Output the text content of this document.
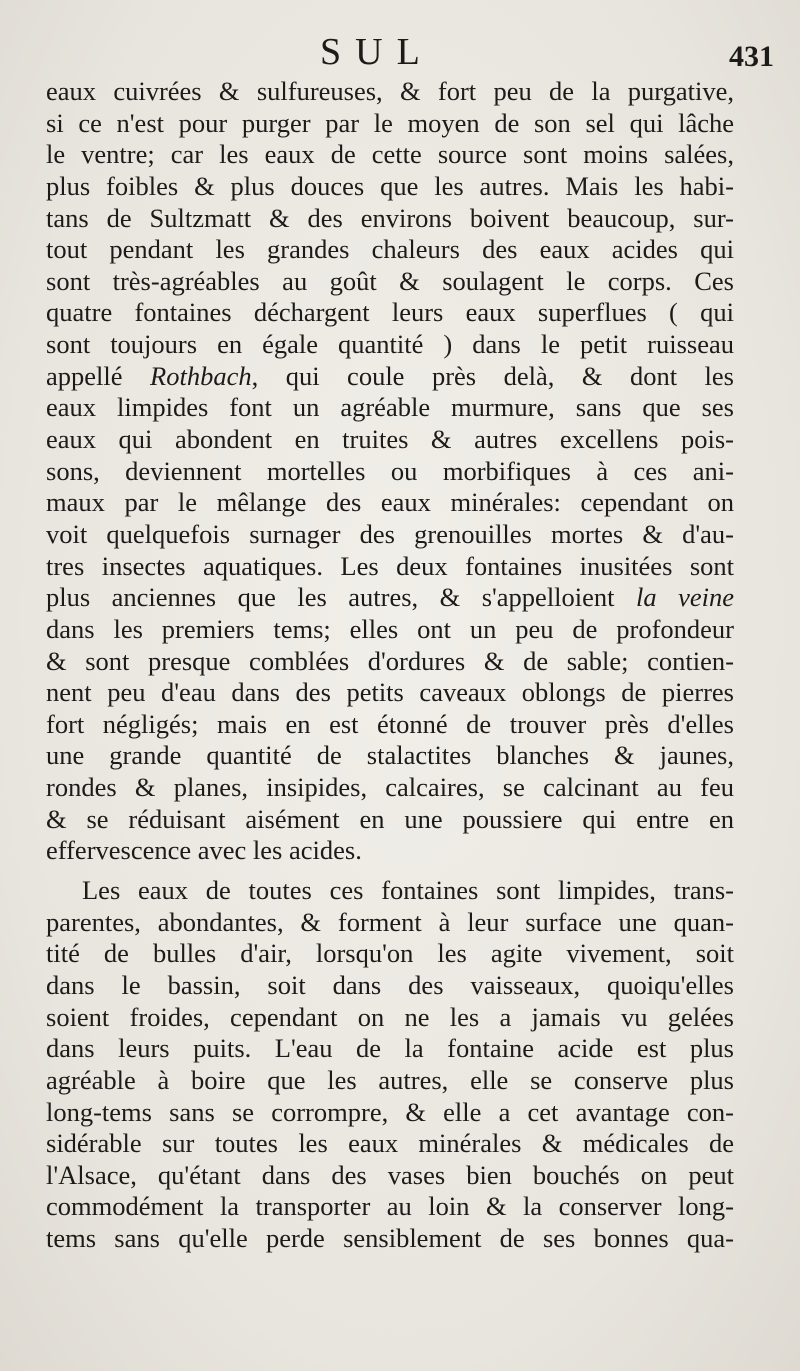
SUL	431
eaux cuivrées & sulfureuses, & fort peu de la purgative,
si ce n'est pour purger par le moyen de son sel qui lâche
le ventre; car les eaux de cette source sont moins salées,
plus foibles & plus douces que les autres. Mais les habi-
tans de Sultzmatt & des environs boivent beaucoup, sur-
tout pendant les grandes chaleurs des eaux acides qui
sont très-agréables au goût & soulagent le corps. Ces
quatre fontaines déchargent leurs eaux superflues ( qui
sont toujours en égale quantité ) dans le petit ruisseau
appellé Rothbach, qui coule près delà, & dont les
eaux limpides font un agréable murmure, sans que ses
eaux qui abondent en truites & autres excellens pois-
sons, deviennent mortelles ou morbifiques à ces ani-
maux par le mêlange des eaux minérales: cependant on
voit quelquefois surnager des grenouilles mortes & d'au-
tres insectes aquatiques. Les deux fontaines inusitées sont
plus anciennes que les autres, & s'appelloient la veine
dans les premiers tems; elles ont un peu de profondeur
& sont presque comblées d'ordures & de sable; contien-
nent peu d'eau dans des petits caveaux oblongs de pierres
fort négligés; mais en est étonné de trouver près d'elles
une grande quantité de stalactites blanches & jaunes,
rondes & planes, insipides, calcaires, se calcinant au feu
& se réduisant aisément en une poussiere qui entre en
effervescence avec les acides.
Les eaux de toutes ces fontaines sont limpides, trans-
parentes, abondantes, & forment à leur surface une quan-
tité de bulles d'air, lorsqu'on les agite vivement, soit
dans le bassin, soit dans des vaisseaux, quoiqu'elles
soient froides, cependant on ne les a jamais vu gelées
dans leurs puits. L'eau de la fontaine acide est plus
agréable à boire que les autres, elle se conserve plus
long-tems sans se corrompre, & elle a cet avantage con-
sidérable sur toutes les eaux minérales & médicales de
l'Alsace, qu'étant dans des vases bien bouchés on peut
commodément la transporter au loin & la conserver long-
tems sans qu'elle perde sensiblement de ses bonnes qua-
